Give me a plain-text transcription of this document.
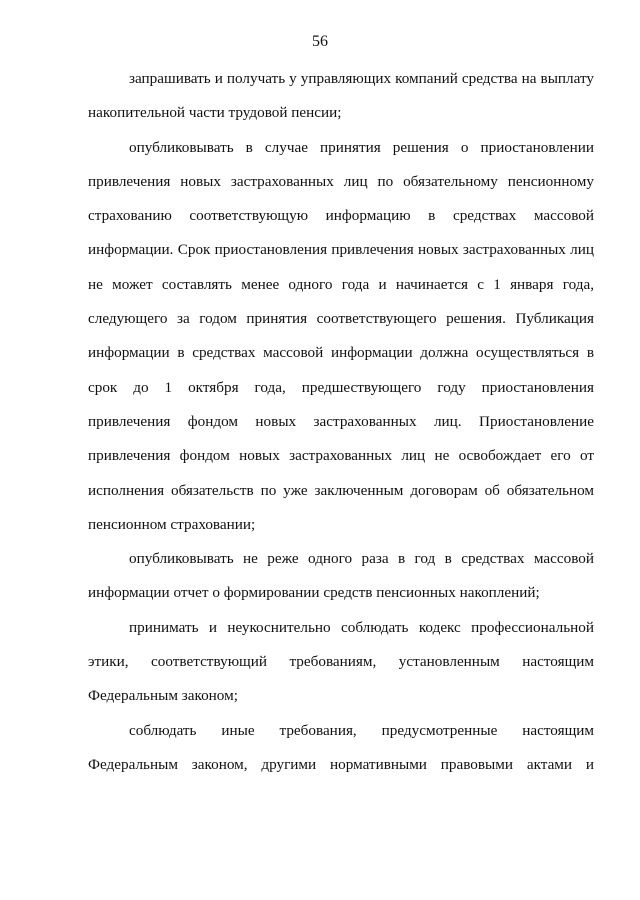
56

запрашивать и получать у управляющих компаний средства на выплату накопительной части трудовой пенсии;

опубликовывать в случае принятия решения о приостановлении привлечения новых застрахованных лиц по обязательному пенсионному страхованию соответствующую информацию в средствах массовой информации. Срок приостановления привлечения новых застрахованных лиц не может составлять менее одного года и начинается с 1 января года, следующего за годом принятия соответствующего решения. Публикация информации в средствах массовой информации должна осуществляться в срок до 1 октября года, предшествующего году приостановления привлечения фондом новых застрахованных лиц. Приостановление привлечения фондом новых застрахованных лиц не освобождает его от исполнения обязательств по уже заключенным договорам об обязательном пенсионном страховании;

опубликовывать не реже одного раза в год в средствах массовой информации отчет о формировании средств пенсионных накоплений;

принимать и неукоснительно соблюдать кодекс профессиональной этики, соответствующий требованиям, установленным настоящим Федеральным законом;

соблюдать иные требования, предусмотренные настоящим Федеральным законом, другими нормативными правовыми актами и
